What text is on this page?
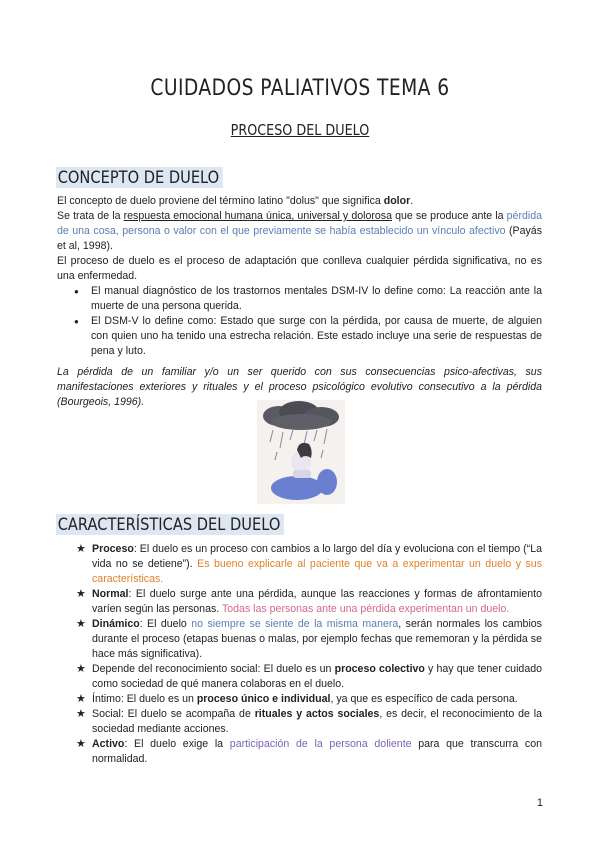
CUIDADOS PALIATIVOS TEMA 6
PROCESO DEL DUELO
CONCEPTO DE DUELO

El concepto de duelo proviene del término latino "dolus" que significa dolor.

Se trata de la respuesta emocional humana única, universal y dolorosa que se produce ante la pérdida de una cosa, persona o valor con el que previamente se había establecido un vínculo afectivo (Payás et al, 1998).

El proceso de duelo es el proceso de adaptación que conlleva cualquier pérdida significativa, no es una enfermedad.

● El manual diagnóstico de los trastornos mentales DSM-IV lo define como: La reacción ante la muerte de una persona querida.
● El DSM-V lo define como: Estado que surge con la pérdida, por causa de muerte, de alguien con quien uno ha tenido una estrecha relación. Este estado incluye una serie de respuestas de pena y luto.

La pérdida de un familiar y/o un ser querido con sus consecuencias psico-afectivas, sus manifestaciones exteriores y rituales y el proceso psicológico evolutivo consecutivo a la pérdida (Bourgeois, 1996).

CARACTERÍSTICAS DEL DUELO
★ Proceso: El duelo es un proceso con cambios a lo largo del día y evoluciona con el tiempo (“La vida no se detiene”). Es bueno explicarle al paciente que va a experimentar un duelo y sus características.
★ Normal: El duelo surge ante una pérdida, aunque las reacciones y formas de afrontamiento varíen según las personas. Todas las personas ante una pérdida experimentan un duelo.
★ Dinámico: El duelo no siempre se siente de la misma manera, serán normales los cambios durante el proceso (etapas buenas o malas, por ejemplo fechas que rememoran y la pérdida se hace más significativa).
★ Depende del reconocimiento social: El duelo es un proceso colectivo y hay que tener cuidado como sociedad de qué manera colaboras en el duelo.
★ Íntimo: El duelo es un proceso único e individual, ya que es específico de cada persona.
★ Social: El duelo se acompaña de rituales y actos sociales, es decir, el reconocimiento de la sociedad mediante acciones.
★ Activo: El duelo exige la participación de la persona doliente para que transcurra con normalidad.
1
